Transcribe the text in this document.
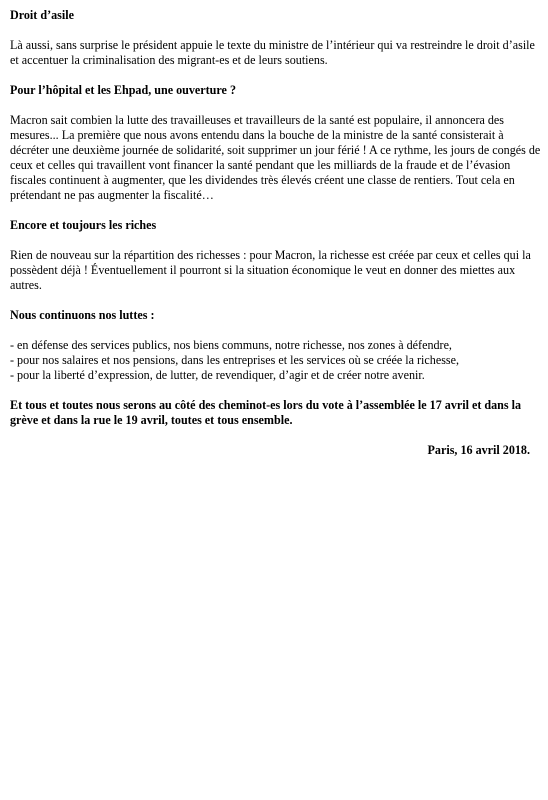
Droit d’asile
Là aussi, sans surprise le président appuie le texte du ministre de l’intérieur qui va restreindre le droit d’asile
et accentuer la criminalisation des migrant-es et de leurs soutiens.
Pour l’hôpital et les Ehpad, une ouverture ?
Macron sait combien la lutte des travailleuses et travailleurs de la santé est populaire, il annoncera des
mesures... La première que nous avons entendu dans la bouche de la ministre de la santé consisterait à
décréter une deuxième journée de solidarité, soit supprimer un jour férié ! A ce rythme, les jours de congés de
ceux et celles qui travaillent vont financer la santé pendant que les milliards de la fraude et de l’évasion
fiscales continuent à augmenter, que les dividendes très élevés créent une classe de rentiers. Tout cela en
prétendant ne pas augmenter la fiscalité…
Encore et toujours les riches
Rien de nouveau sur la répartition des richesses : pour Macron, la richesse est créée par ceux et celles qui la
possèdent déjà ! Éventuellement il pourront si la situation économique le veut en donner des miettes aux
autres.
Nous continuons nos luttes :
- en défense des services publics, nos biens communs, notre richesse, nos zones à défendre,
- pour nos salaires et nos pensions, dans les entreprises et les services où se créée la richesse,
- pour la liberté d’expression, de lutter, de revendiquer, d’agir et de créer notre avenir.
Et tous et toutes nous serons au côté des cheminot-es lors du vote à l’assemblée le 17 avril et dans la
grève et dans la rue le 19 avril, toutes et tous ensemble.
Paris, 16 avril 2018.
